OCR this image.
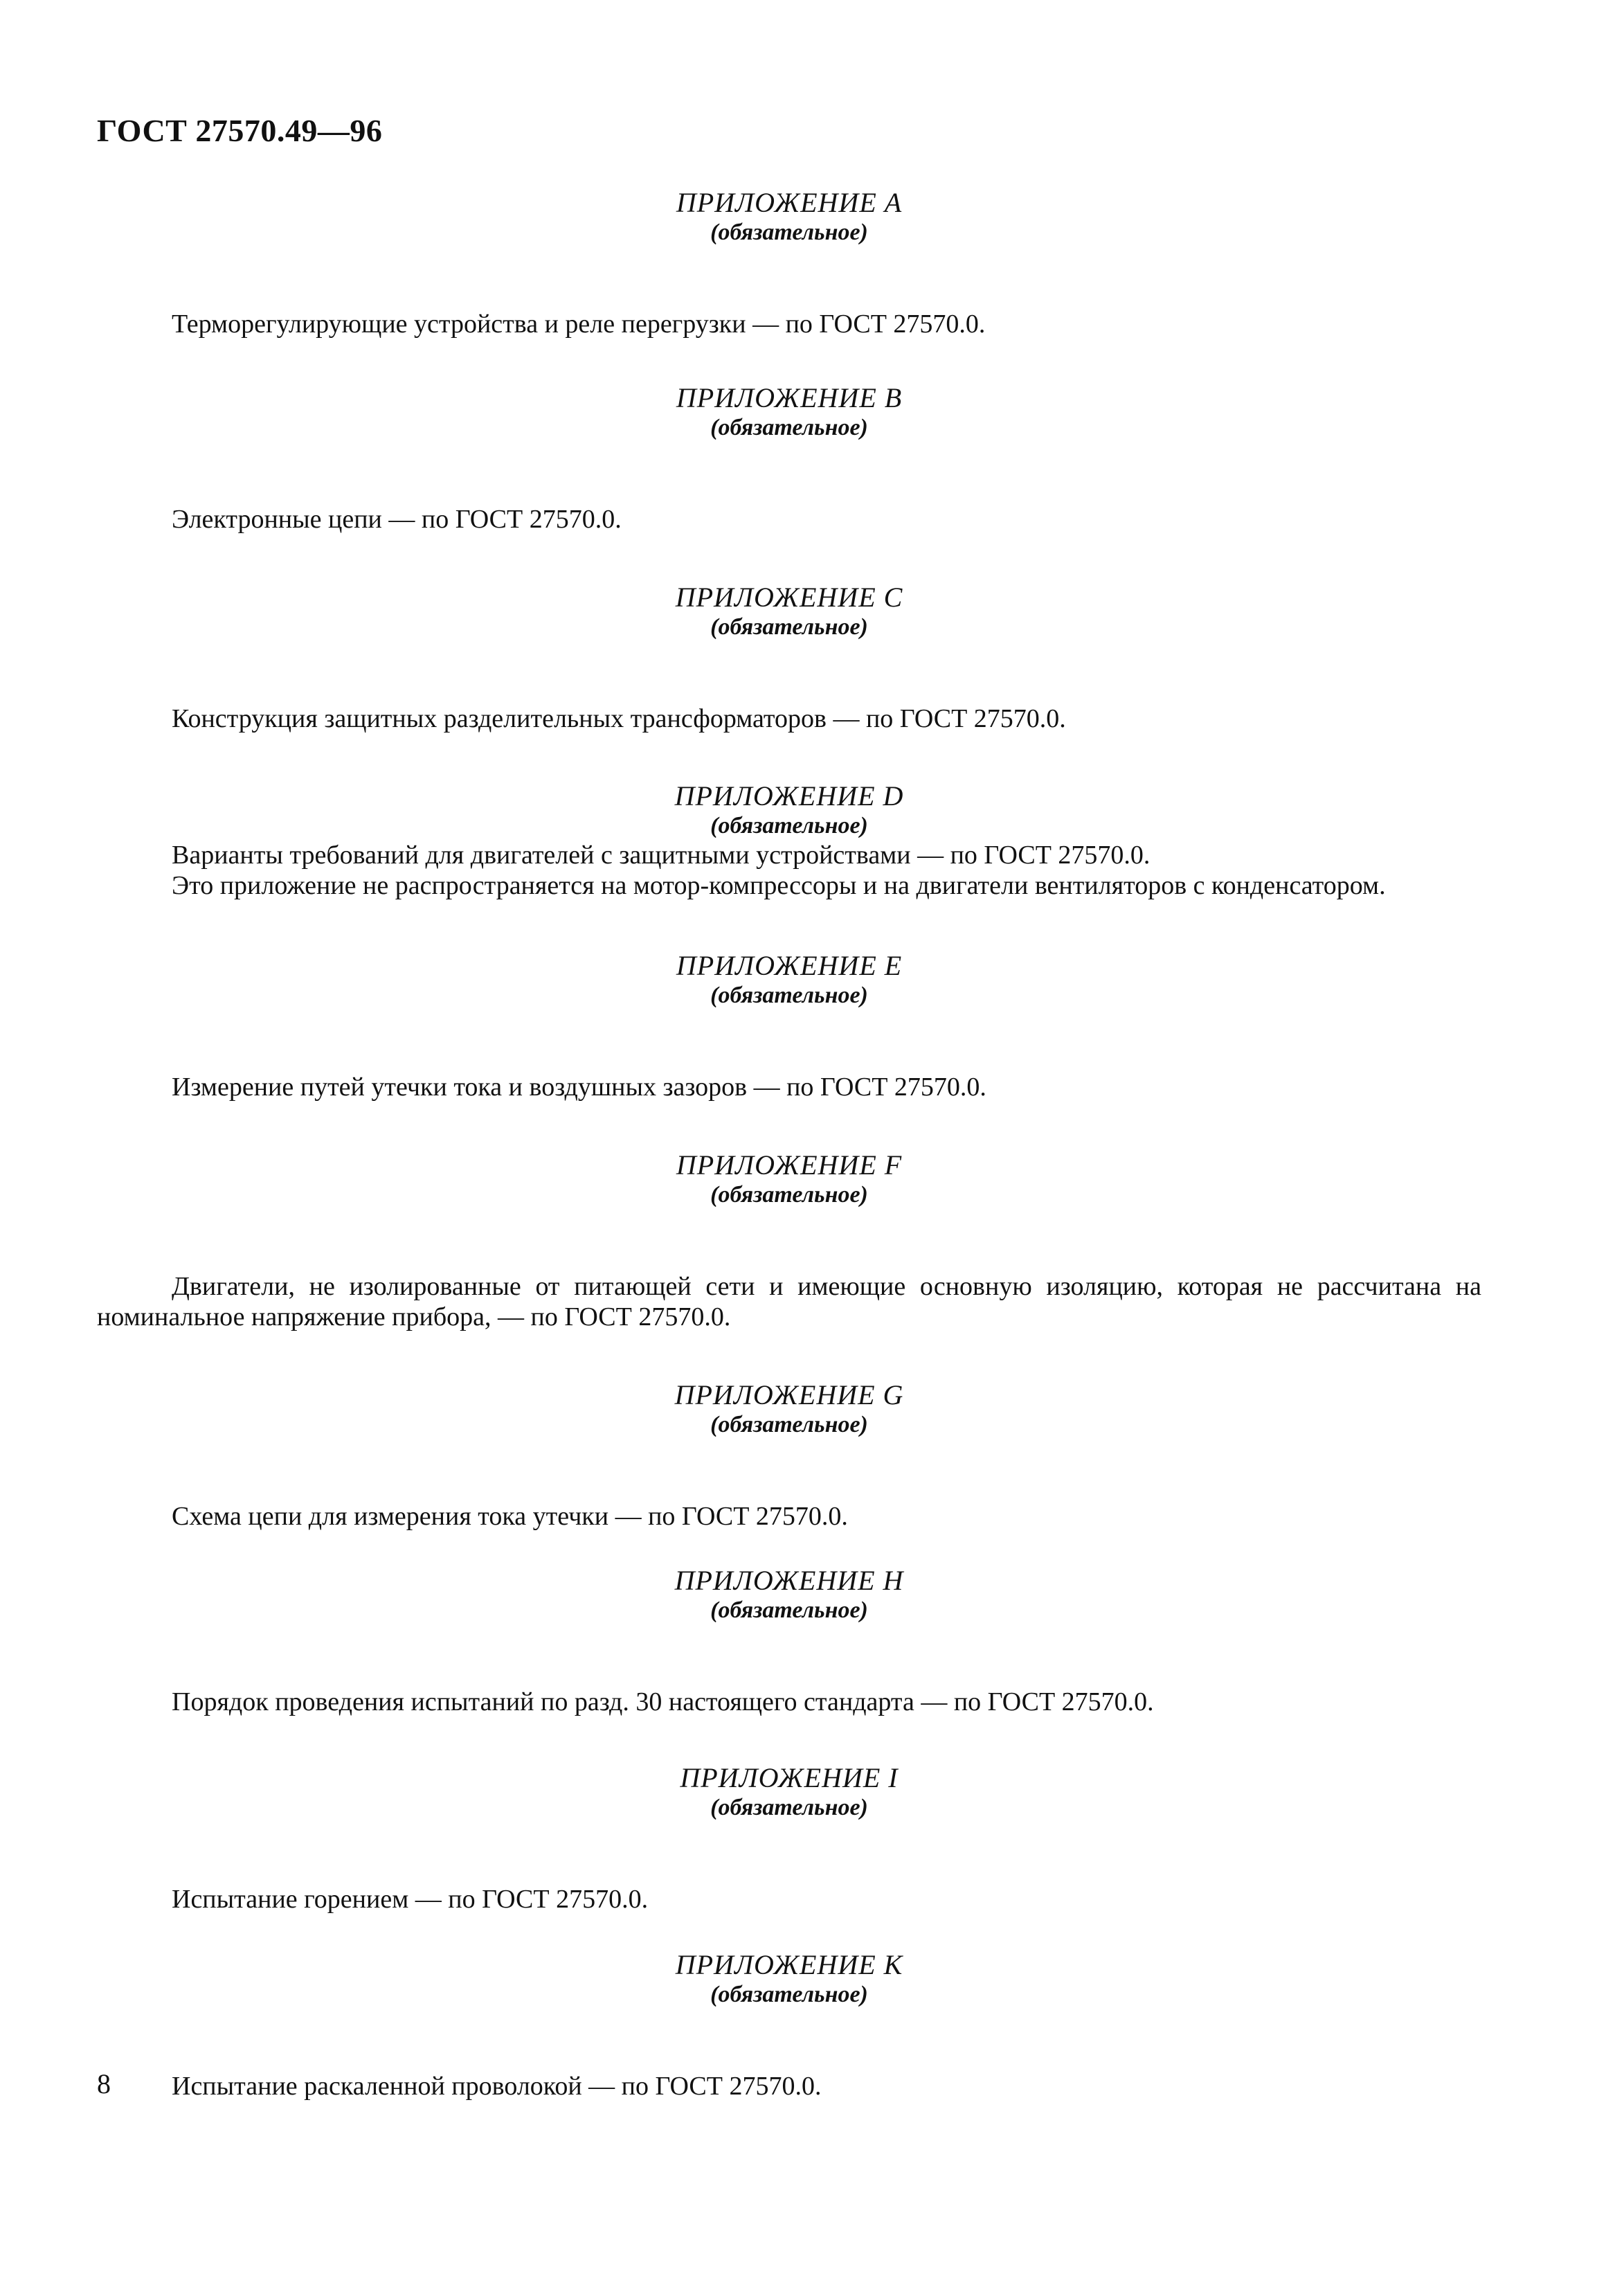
ГОСТ 27570.49—96
ПРИЛОЖЕНИЕ А
(обязательное)

Терморегулирующие устройства и реле перегрузки — по ГОСТ 27570.0.

ПРИЛОЖЕНИЕ В
(обязательное)

Электронные цепи — по ГОСТ 27570.0.

ПРИЛОЖЕНИЕ С
(обязательное)

Конструкция защитных разделительных трансформаторов — по ГОСТ 27570.0.

ПРИЛОЖЕНИЕ D
(обязательное)

Варианты требований для двигателей с защитными устройствами — по ГОСТ 27570.0.

Это приложение не распространяется на мотор-компрессоры и на двигатели вентиляторов с конденсатором.

ПРИЛОЖЕНИЕ Е
(обязательное)

Измерение путей утечки тока и воздушных зазоров — по ГОСТ 27570.0.

ПРИЛОЖЕНИЕ F
(обязательное)

Двигатели, не изолированные от питающей сети и имеющие основную изоляцию, которая не рассчитана на номинальное напряжение прибора, — по ГОСТ 27570.0.

ПРИЛОЖЕНИЕ G
(обязательное)

Схема цепи для измерения тока утечки — по ГОСТ 27570.0.

ПРИЛОЖЕНИЕ Н
(обязательное)

Порядок проведения испытаний по разд. 30 настоящего стандарта — по ГОСТ 27570.0.

ПРИЛОЖЕНИЕ I
(обязательное)

Испытание горением — по ГОСТ 27570.0.

ПРИЛОЖЕНИЕ К
(обязательное)

Испытание раскаленной проволокой — по ГОСТ 27570.0.

8
